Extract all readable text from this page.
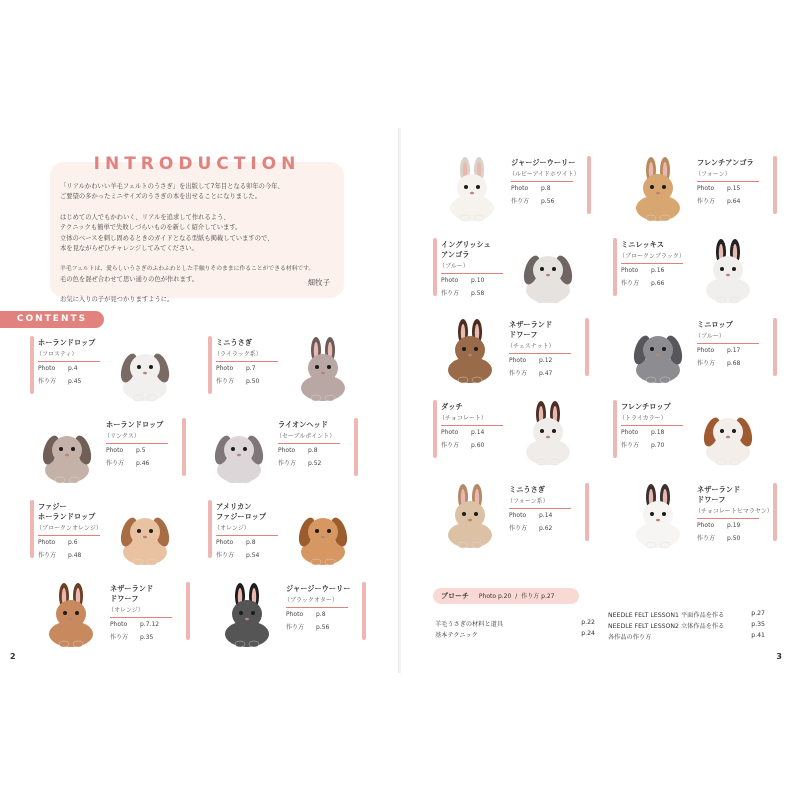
INTRODUCTION

「リアルかわいい羊毛フェルトのうさぎ」を出版して7年目となる卯年の今年、

ご要望の多かったミニサイズのうさぎの本を出せることになりました。

はじめての人でもかわいく、リアルを追求して作れるよう、

テクニックも簡単で失敗しづらいものを新しく紹介しています。

立体のベースを刺し固めるときのガイドとなる型紙も掲載していますので、

本を見ながらぜひチャレンジしてみてください。

羊毛フェルトは、愛らしいうさぎのふわふわとした手触りそのままに作ることができる材料です。

毛の色を混ぜ合わせて思い通りの色が作れます。

お気に入りの子が見つかりますように。

畑牧子
CONTENTS
ホーランドロップ
（フロスティ）
Photo p.4
作り方 p.45
ミニうさぎ
（ライラック系）
Photo p.7
作り方 p.50
ホーランドロップ
（リンクス）
Photo p.5
作り方 p.46
ライオンヘッド
（セーブルポイント）
Photo p.8
作り方 p.52
ファジー
ホーランドロップ
（ブロークンオレンジ）
Photo p.6
作り方 p.48
アメリカン
ファジーロップ
（オレンジ）
Photo p.8
作り方 p.54
ネザーランド
ドワーフ
（オレンジ）
Photo p.7.12
作り方 p.35
ジャージーウーリー
（ブラックオター）
Photo p.8
作り方 p.56
2
ジャージーウーリー
（ルビーアイドホワイト）
Photo p.8
作り方 p.56
フレンチアンゴラ
（フォーン）
Photo p.15
作り方 p.64
イングリッシュ
アンゴラ
（ブルー）
Photo p.10
作り方 p.58
ミニレッキス
（ブロークンブラック）
Photo p.16
作り方 p.66
ネザーランド
ドワーフ
（チェスナット）
Photo p.12
作り方 p.47
ミニロップ
（ブルー）
Photo p.17
作り方 p.68
ダッチ
（チョコレート）
Photo p.14
作り方 p.60
フレンチロップ
（トライカラー）
Photo p.18
作り方 p.70
ミニうさぎ
（フォーン系）
Photo p.14
作り方 p.62
ネザーランド
ドワーフ
（チョコレートヒマラヤン）
Photo p.19
作り方 p.50
ブローチ Photo p.20 / 作り方 p.27
羊毛うさぎの材料と道具	p.22
基本テクニック	p.24
NEEDLE FELT LESSON1 平面作品を作る	p.27
NEEDLE FELT LESSON2 立体作品を作る	p.35
各作品の作り方	p.41
3
